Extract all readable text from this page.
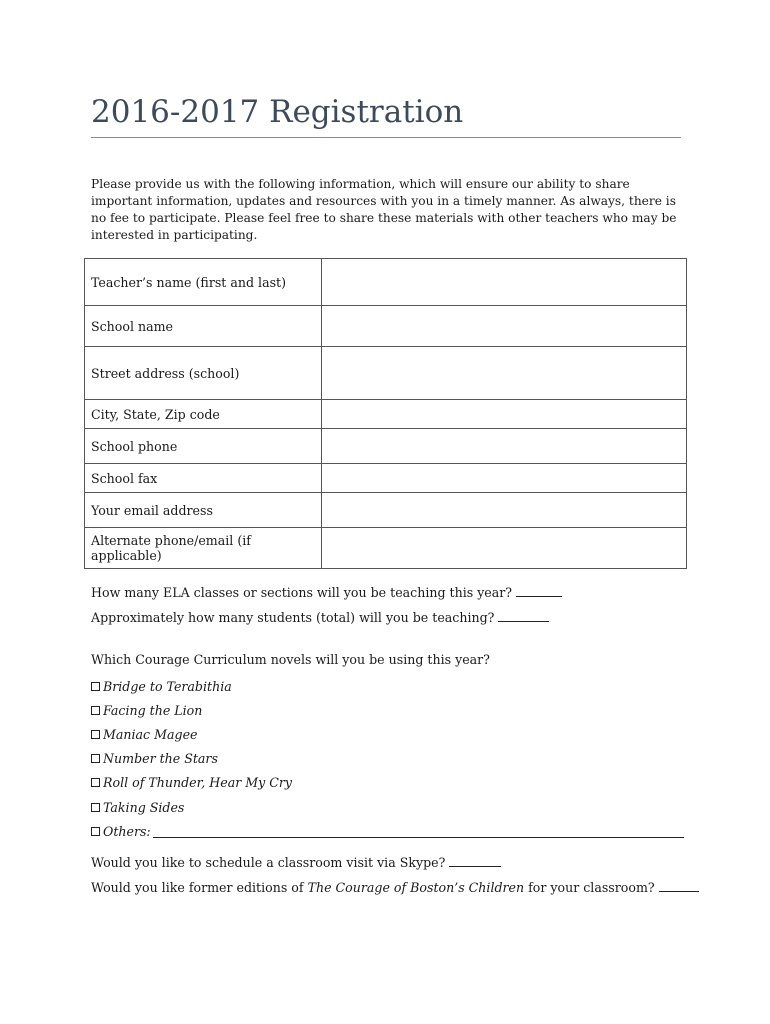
2016-2017 Registration

Please provide us with the following information, which will ensure our ability to share important information, updates and resources with you in a timely manner. As always, there is no fee to participate. Please feel free to share these materials with other teachers who may be interested in participating.

Teacher’s name (first and last)	
School name	
Street address (school)	
City, State, Zip code	
School phone	
School fax	
Your email address	
Alternate phone/email (if applicable)	
How many ELA classes or sections will you be teaching this year?
Approximately how many students (total) will you be teaching?
Which Courage Curriculum novels will you be using this year?
Bridge to Terabithia
Facing the Lion
Maniac Magee
Number the Stars
Roll of Thunder, Hear My Cry
Taking Sides
Others:
Would you like to schedule a classroom visit via Skype?
Would you like former editions of The Courage of Boston’s Children for your classroom?
